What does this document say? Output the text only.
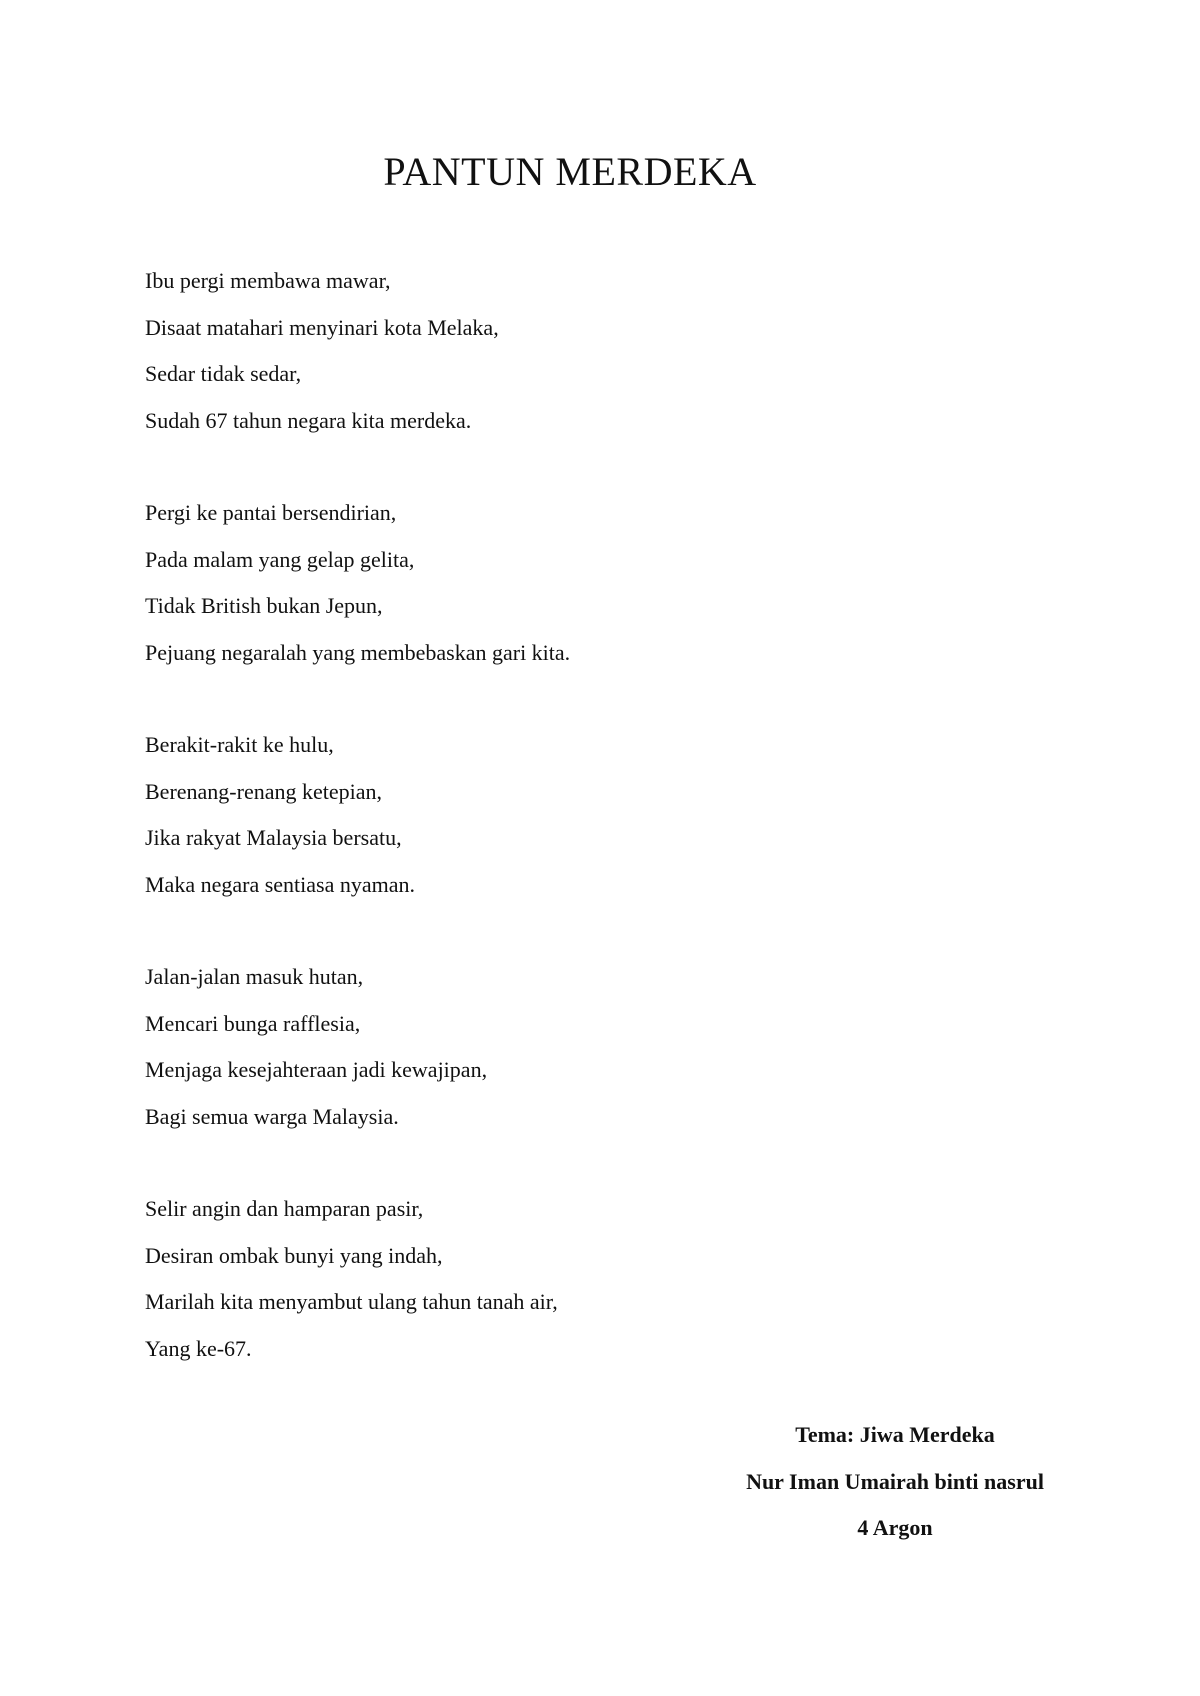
PANTUN MERDEKA
Ibu pergi membawa mawar,
Disaat matahari menyinari kota Melaka,
Sedar tidak sedar,
Sudah 67 tahun negara kita merdeka.
Pergi ke pantai bersendirian,
Pada malam yang gelap gelita,
Tidak British bukan Jepun,
Pejuang negaralah yang membebaskan gari kita.
Berakit-rakit ke hulu,
Berenang-renang ketepian,
Jika rakyat Malaysia bersatu,
Maka negara sentiasa nyaman.
Jalan-jalan masuk hutan,
Mencari bunga rafflesia,
Menjaga kesejahteraan jadi kewajipan,
Bagi semua warga Malaysia.
Selir angin dan hamparan pasir,
Desiran ombak bunyi yang indah,
Marilah kita menyambut ulang tahun tanah air,
Yang ke-67.
Tema: Jiwa Merdeka
Nur Iman Umairah binti nasrul
4 Argon
